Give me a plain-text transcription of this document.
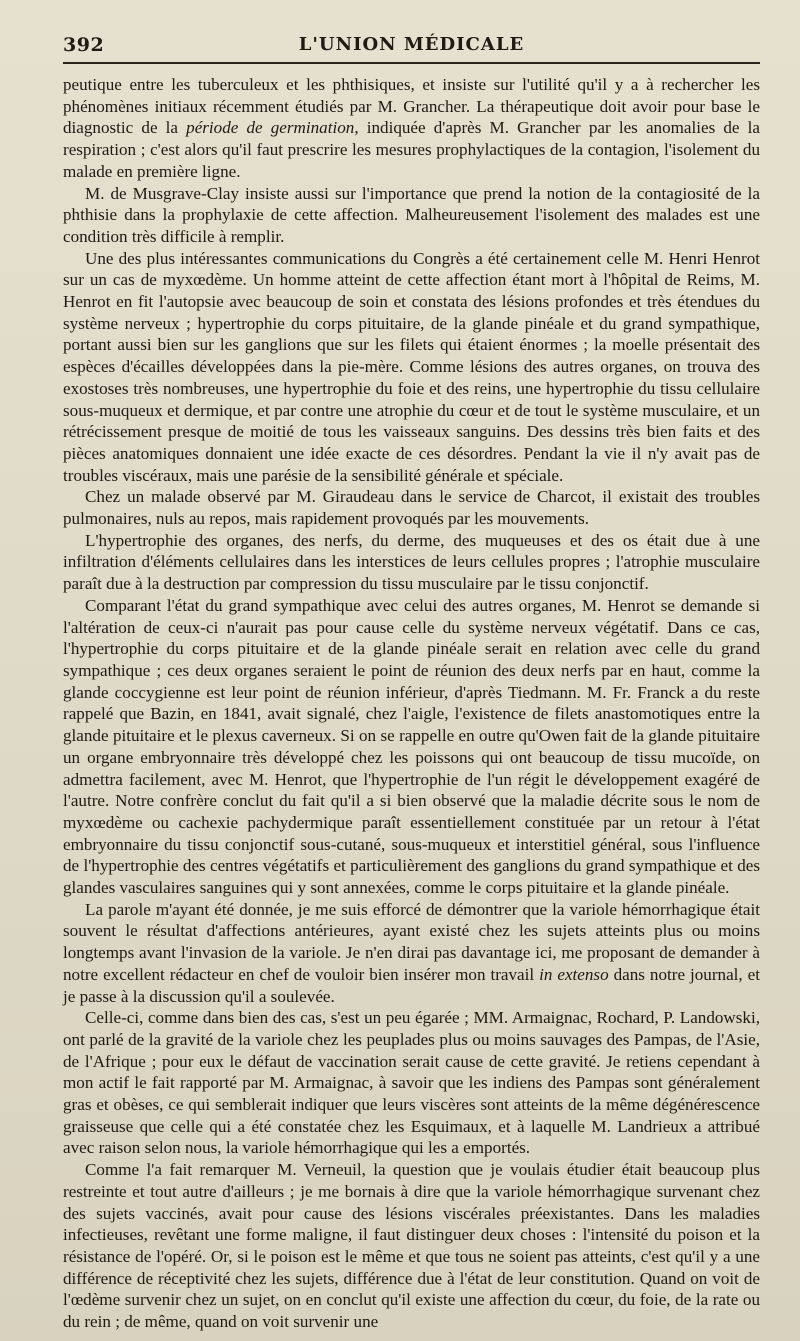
392	L'UNION MÉDICALE

peutique entre les tuberculeux et les phthisiques, et insiste sur l'utilité qu'il y a à rechercher les phénomènes initiaux récemment étudiés par M. Grancher. La thérapeutique doit avoir pour base le diagnostic de la période de germination, indiquée d'après M. Grancher par les anomalies de la respiration ; c'est alors qu'il faut prescrire les mesures prophylactiques de la contagion, l'isolement du malade en première ligne.

M. de Musgrave-Clay insiste aussi sur l'importance que prend la notion de la contagiosité de la phthisie dans la prophylaxie de cette affection. Malheureusement l'isolement des malades est une condition très difficile à remplir.

Une des plus intéressantes communications du Congrès a été certainement celle M. Henri Henrot sur un cas de myxœdème. Un homme atteint de cette affection étant mort à l'hôpital de Reims, M. Henrot en fit l'autopsie avec beaucoup de soin et constata des lésions profondes et très étendues du système nerveux ; hypertrophie du corps pituitaire, de la glande pinéale et du grand sympathique, portant aussi bien sur les ganglions que sur les filets qui étaient énormes ; la moelle présentait des espèces d'écailles développées dans la pie-mère. Comme lésions des autres organes, on trouva des exostoses très nombreuses, une hypertrophie du foie et des reins, une hypertrophie du tissu cellulaire sous-muqueux et dermique, et par contre une atrophie du cœur et de tout le système musculaire, et un rétrécissement presque de moitié de tous les vaisseaux sanguins. Des dessins très bien faits et des pièces anatomiques donnaient une idée exacte de ces désordres. Pendant la vie il n'y avait pas de troubles viscéraux, mais une parésie de la sensibilité générale et spéciale.

Chez un malade observé par M. Giraudeau dans le service de Charcot, il existait des troubles pulmonaires, nuls au repos, mais rapidement provoqués par les mouvements.

L'hypertrophie des organes, des nerfs, du derme, des muqueuses et des os était due à une infiltration d'éléments cellulaires dans les interstices de leurs cellules propres ; l'atrophie musculaire paraît due à la destruction par compression du tissu musculaire par le tissu conjonctif.

Comparant l'état du grand sympathique avec celui des autres organes, M. Henrot se demande si l'altération de ceux-ci n'aurait pas pour cause celle du système nerveux végétatif. Dans ce cas, l'hypertrophie du corps pituitaire et de la glande pinéale serait en relation avec celle du grand sympathique ; ces deux organes seraient le point de réunion des deux nerfs par en haut, comme la glande coccygienne est leur point de réunion inférieur, d'après Tiedmann. M. Fr. Franck a du reste rappelé que Bazin, en 1841, avait signalé, chez l'aigle, l'existence de filets anastomotiques entre la glande pituitaire et le plexus caverneux. Si on se rappelle en outre qu'Owen fait de la glande pituitaire un organe embryonnaire très développé chez les poissons qui ont beaucoup de tissu mucoïde, on admettra facilement, avec M. Henrot, que l'hypertrophie de l'un régit le développement exagéré de l'autre. Notre confrère conclut du fait qu'il a si bien observé que la maladie décrite sous le nom de myxœdème ou cachexie pachydermique paraît essentiellement constituée par un retour à l'état embryonnaire du tissu conjonctif sous-cutané, sous-muqueux et interstitiel général, sous l'influence de l'hypertrophie des centres végétatifs et particulièrement des ganglions du grand sympathique et des glandes vasculaires sanguines qui y sont annexées, comme le corps pituitaire et la glande pinéale.

La parole m'ayant été donnée, je me suis efforcé de démontrer que la variole hémorrhagique était souvent le résultat d'affections antérieures, ayant existé chez les sujets atteints plus ou moins longtemps avant l'invasion de la variole. Je n'en dirai pas davantage ici, me proposant de demander à notre excellent rédacteur en chef de vouloir bien insérer mon travail in extenso dans notre journal, et je passe à la discussion qu'il a soulevée.

Celle-ci, comme dans bien des cas, s'est un peu égarée ; MM. Armaignac, Rochard, P. Landowski, ont parlé de la gravité de la variole chez les peuplades plus ou moins sauvages des Pampas, de l'Asie, de l'Afrique ; pour eux le défaut de vaccination serait cause de cette gravité. Je retiens cependant à mon actif le fait rapporté par M. Armaignac, à savoir que les indiens des Pampas sont généralement gras et obèses, ce qui semblerait indiquer que leurs viscères sont atteints de la même dégénérescence graisseuse que celle qui a été constatée chez les Esquimaux, et à laquelle M. Landrieux a attribué avec raison selon nous, la variole hémorrhagique qui les a emportés.

Comme l'a fait remarquer M. Verneuil, la question que je voulais étudier était beaucoup plus restreinte et tout autre d'ailleurs ; je me bornais à dire que la variole hémorrhagique survenant chez des sujets vaccinés, avait pour cause des lésions viscérales préexistantes. Dans les maladies infectieuses, revêtant une forme maligne, il faut distinguer deux choses : l'intensité du poison et la résistance de l'opéré. Or, si le poison est le même et que tous ne soient pas atteints, c'est qu'il y a une différence de réceptivité chez les sujets, différence due à l'état de leur constitution. Quand on voit de l'œdème survenir chez un sujet, on en conclut qu'il existe une affection du cœur, du foie, de la rate ou du rein ; de même, quand on voit survenir une
